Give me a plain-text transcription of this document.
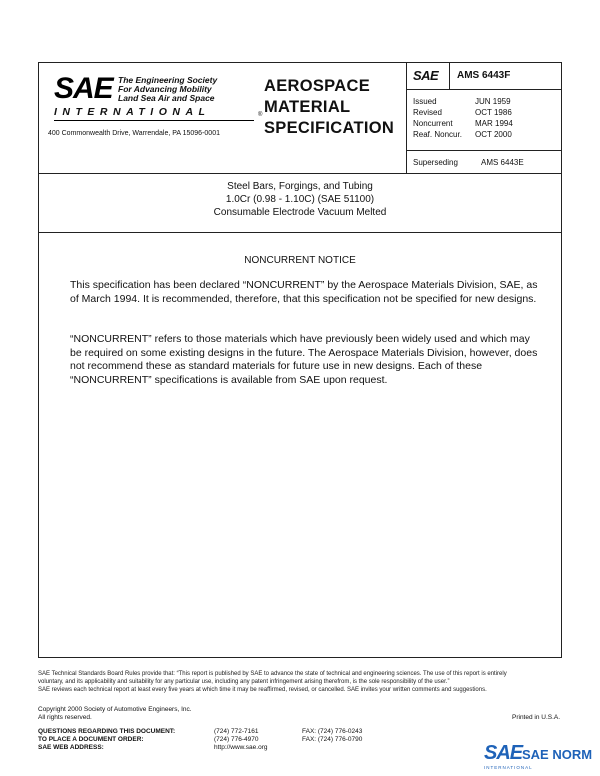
SAE The Engineering Society
For Advancing Mobility
Land Sea Air and Space
INTERNATIONAL	®
400 Commonwealth Drive, Warrendale, PA 15096-0001
AEROSPACE
MATERIAL
SPECIFICATION
SAE AMS 6443F
Issued	JUN 1959
Revised	OCT 1986
Noncurrent	MAR 1994
Reaf. Noncur. OCT 2000
Superseding	AMS 6443E
Steel Bars, Forgings, and Tubing
1.0Cr (0.98 - 1.10C) (SAE 51100)
Consumable Electrode Vacuum Melted
NONCURRENT NOTICE
This specification has been declared “NONCURRENT” by the Aerospace Materials Division, SAE, as of March 1994. It is recommended, therefore, that this specification not be specified for new designs.
“NONCURRENT” refers to those materials which have previously been widely used and which may be required on some existing designs in the future. The Aerospace Materials Division, however, does not recommend these as standard materials for future use in new designs. Each of these “NONCURRENT” specifications is available from SAE upon request.
SAE Technical Standards Board Rules provide that: “This report is published by SAE to advance the state of technical and engineering sciences. The use of this report is entirely
voluntary, and its applicability and suitability for any particular use, including any patent infringement arising therefrom, is the sole responsibility of the user.”
SAE reviews each technical report at least every five years at which time it may be reaffirmed, revised, or cancelled. SAE invites your written comments and suggestions.
Copyright 2000 Society of Automotive Engineers, Inc.
All rights reserved.	Printed in U.S.A.
QUESTIONS REGARDING THIS DOCUMENT:	(724) 772-7161	FAX: (724) 776-0243
TO PLACE A DOCUMENT ORDER:	(724) 776-4970	FAX: (724) 776-0790
SAE WEB ADDRESS:	http://www.sae.org	SAE SAE NORM
INTERNATIONAL
